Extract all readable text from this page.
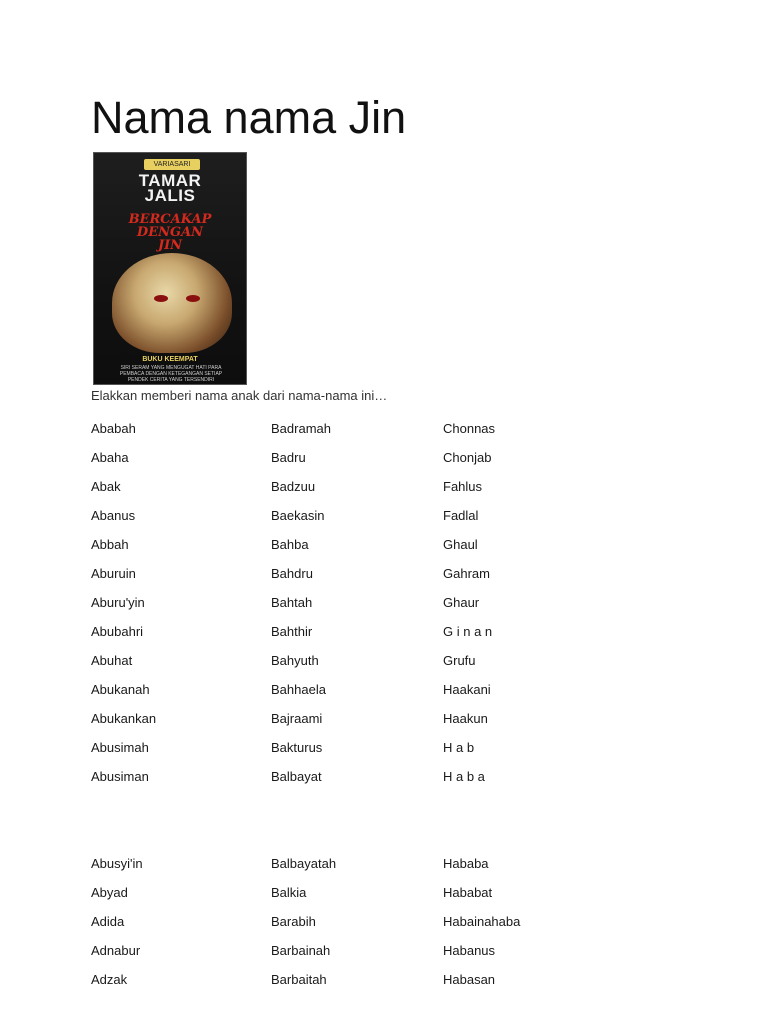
Nama nama Jin
VARIASARI
TAMAR
JALIS
BERCAKAP
DENGAN
JIN
BUKU KEEMPAT
SIRI SERAM YANG MENGUGAT HATI PARA PEMBACA DENGAN KETEGANGAN SETIAP PENDEK CERITA YANG TERSENDIRI

Elakkan memberi nama anak dari nama-nama ini…

Ababah	Badramah	Chonnas
Abaha	Badru	Chonjab
Abak	Badzuu	Fahlus
Abanus	Baekasin	Fadlal
Abbah	Bahba	Ghaul
Aburuin	Bahdru	Gahram
Aburu'yin	Bahtah	Ghaur
Abubahri	Bahthir	G i n a n
Abuhat	Bahyuth	Grufu
Abukanah	Bahhaela	Haakani
Abukankan	Bajraami	Haakun
Abusimah	Bakturus	H a b
Abusiman	Balbayat	H a b a
Abusyi'in	Balbayatah	Hababa
Abyad	Balkia	Hababat
Adida	Barabih	Habainahaba
Adnabur	Barbainah	Habanus
Adzak	Barbaitah	Habasan
